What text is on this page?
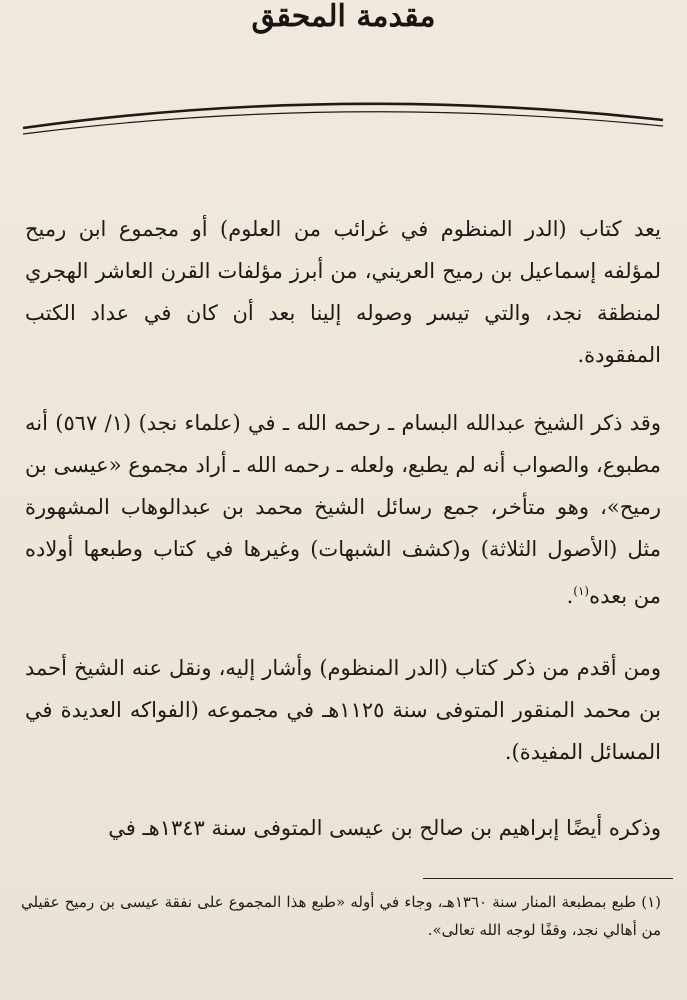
مقدمة المحقق

يعد كتاب (الدر المنظوم في غرائب من العلوم) أو مجموع ابن رميح لمؤلفه إسماعيل بن رميح العريني، من أبرز مؤلفات القرن العاشر الهجري لمنطقة نجد، والتي تيسر وصوله إلينا بعد أن كان في عداد الكتب المفقودة.

وقد ذكر الشيخ عبدالله البسام ـ رحمه الله ـ في (علماء نجد) (١/ ٥٦٧) أنه مطبوع، والصواب أنه لم يطبع، ولعله ـ رحمه الله ـ أراد مجموع «عيسى بن رميح»، وهو متأخر، جمع رسائل الشيخ محمد بن عبدالوهاب المشهورة مثل (الأصول الثلاثة) و(كشف الشبهات) وغيرها في كتاب وطبعها أولاده من بعده$^{(١)}$.

ومن أقدم من ذكر كتاب (الدر المنظوم) وأشار إليه، ونقل عنه الشيخ أحمد بن محمد المنقور المتوفى سنة ١١٢٥هـ في مجموعه (الفواكه العديدة في المسائل المفيدة).

وذكره أيضًا إبراهيم بن صالح بن عيسى المتوفى سنة ١٣٤٣هـ في

(١) طبع بمطبعة المنار سنة ١٣٦٠هـ، وجاء في أوله «طبع هذا المجموع على نفقة عيسى بن رميح عقيلي من أهالي نجد، وقفًا لوجه الله تعالى».
